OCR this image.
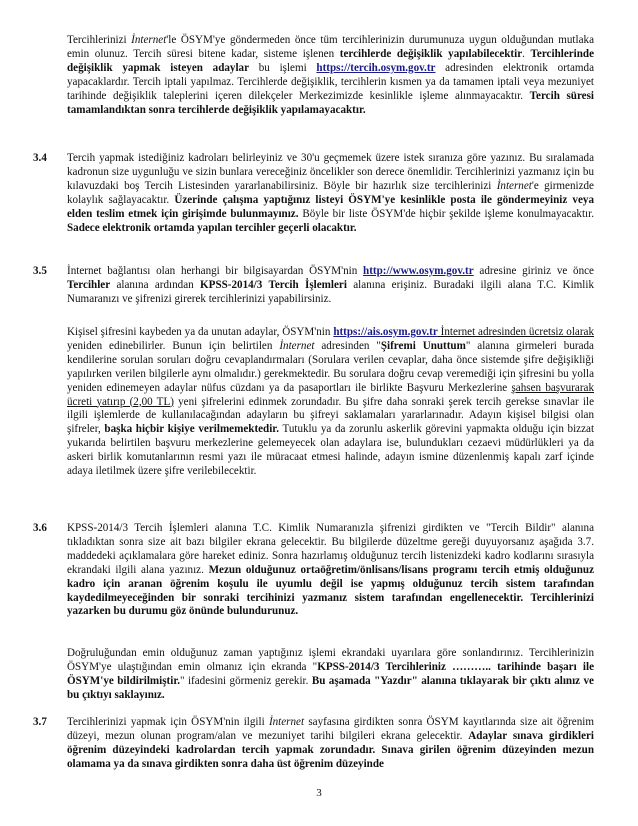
Tercihlerinizi İnternet'le ÖSYM'ye göndermeden önce tüm tercihlerinizin durumunuza uygun olduğundan mutlaka emin olunuz. Tercih süresi bitene kadar, sisteme işlenen tercihlerde değişiklik yapılabilecektir. Tercihlerinde değişiklik yapmak isteyen adaylar bu işlemi https://tercih.osym.gov.tr adresinden elektronik ortamda yapacaklardır. Tercih iptali yapılmaz. Tercihlerde değişiklik, tercihlerin kısmen ya da tamamen iptali veya mezuniyet tarihinde değişiklik taleplerini içeren dilekçeler Merkezimizde kesinlikle işleme alınmayacaktır. Tercih süresi tamamlandıktan sonra tercihlerde değişiklik yapılamayacaktır.

3.4 Tercih yapmak istediğiniz kadroları belirleyiniz ve 30'u geçmemek üzere istek sıranıza göre yazınız. Bu sıralamada kadronun size uygunluğu ve sizin bunlara vereceğiniz öncelikler son derece önemlidir. Tercihlerinizi yazmanız için bu kılavuzdaki boş Tercih Listesinden yararlanabilirsiniz. Böyle bir hazırlık size tercihlerinizi İnternet'e girmenizde kolaylık sağlayacaktır. Üzerinde çalışma yaptığınız listeyi ÖSYM'ye kesinlikle posta ile göndermeyiniz veya elden teslim etmek için girişimde bulunmayınız. Böyle bir liste ÖSYM'de hiçbir şekilde işleme konulmayacaktır. Sadece elektronik ortamda yapılan tercihler geçerli olacaktır.

3.5 İnternet bağlantısı olan herhangi bir bilgisayardan ÖSYM'nin http://www.osym.gov.tr adresine giriniz ve önce Tercihler alanına ardından KPSS-2014/3 Tercih İşlemleri alanına erişiniz. Buradaki ilgili alana T.C. Kimlik Numaranızı ve şifrenizi girerek tercihlerinizi yapabilirsiniz.

Kişisel şifresini kaybeden ya da unutan adaylar, ÖSYM'nin https://ais.osym.gov.tr İnternet adresinden ücretsiz olarak yeniden edinebilirler. Bunun için belirtilen İnternet adresinden "Şifremi Unuttum" alanına girmeleri burada kendilerine sorulan soruları doğru cevaplandırmaları (Sorulara verilen cevaplar, daha önce sistemde şifre değişikliği yapılırken verilen bilgilerle aynı olmalıdır.) gerekmektedir. Bu sorulara doğru cevap veremediği için şifresini bu yolla yeniden edinemeyen adaylar nüfus cüzdanı ya da pasaportları ile birlikte Başvuru Merkezlerine şahsen başvurarak ücreti yatırıp (2,00 TL) yeni şifrelerini edinmek zorundadır. Bu şifre daha sonraki şerek tercih gerekse sınavlar ile ilgili işlemlerde de kullanılacağından adayların bu şifreyi saklamaları yararlarınadır. Adayın kişisel bilgisi olan şifreler, başka hiçbir kişiye verilmemektedir. Tutuklu ya da zorunlu askerlik görevini yapmakta olduğu için bizzat yukarıda belirtilen başvuru merkezlerine gelemeyecek olan adaylara ise, bulundukları cezaevi müdürlükleri ya da askeri birlik komutanlarının resmi yazı ile müracaat etmesi halinde, adayın ismine düzenlenmiş kapalı zarf içinde adaya iletilmek üzere şifre verilebilecektir.

3.6 KPSS-2014/3 Tercih İşlemleri alanına T.C. Kimlik Numaranızla şifrenizi girdikten ve "Tercih Bildir" alanına tıkladıktan sonra size ait bazı bilgiler ekrana gelecektir. Bu bilgilerde düzeltme gereği duyuyorsanız aşağıda 3.7. maddedeki açıklamalara göre hareket ediniz. Sonra hazırlamış olduğunuz tercih listenizdeki kadro kodlarını sırasıyla ekrandaki ilgili alana yazınız. Mezun olduğunuz ortaöğretim/önlisans/lisans programı tercih etmiş olduğunuz kadro için aranan öğrenim koşulu ile uyumlu değil ise yapmış olduğunuz tercih sistem tarafından kaydedilmeyeceğinden bir sonraki tercihinizi yazmanız sistem tarafından engellenecektir. Tercihlerinizi yazarken bu durumu göz önünde bulundurunuz.

Doğruluğundan emin olduğunuz zaman yaptığınız işlemi ekrandaki uyarılara göre sonlandırınız. Tercihlerinizin ÖSYM'ye ulaştığından emin olmanız için ekranda "KPSS-2014/3 Tercihleriniz ……….. tarihinde başarı ile ÖSYM'ye bildirilmiştir." ifadesini görmeniz gerekir. Bu aşamada "Yazdır" alanına tıklayarak bir çıktı alınız ve bu çıktıyı saklayınız.

3.7 Tercihlerinizi yapmak için ÖSYM'nin ilgili İnternet sayfasına girdikten sonra ÖSYM kayıtlarında size ait öğrenim düzeyi, mezun olunan program/alan ve mezuniyet tarihi bilgileri ekrana gelecektir. Adaylar sınava girdikleri öğrenim düzeyindeki kadrolardan tercih yapmak zorundadır. Sınava girilen öğrenim düzeyinden mezun olamama ya da sınava girdikten sonra daha üst öğrenim düzeyinde

3
